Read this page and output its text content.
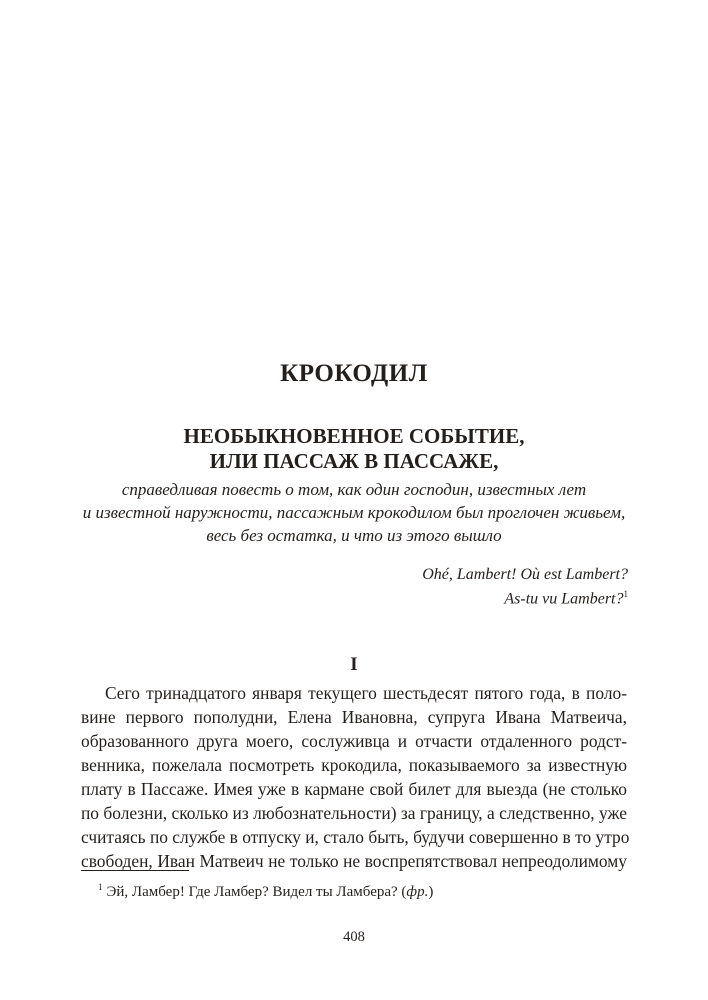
КРОКОДИЛ
НЕОБЫКНОВЕННОЕ СОБЫТИЕ,
ИЛИ ПАССАЖ В ПАССАЖЕ,

справедливая повесть о том, как один господин, известных лет

и известной наружности, пассажным крокодилом был проглочен живьем,

весь без остатка, и что из этого вышло

Ohé, Lambert! Où est Lambert?

As-tu vu Lambert?$^1$

I
Сего тринадцатого января текущего шестьдесят пятого года, в поло-
вине первого пополудни, Елена Ивановна, супруга Ивана Матвеича,
образованного друга моего, сослуживца и отчасти отдаленного родст-
венника, пожелала посмотреть крокодила, показываемого за известную
плату в Пассаже. Имея уже в кармане свой билет для выезда (не столько
по болезни, сколько из любознательности) за границу, а следственно, уже
считаясь по службе в отпуску и, стало быть, будучи совершенно в то утро
свободен, Иван Матвеич не только не воспрепятствовал непреодолимому

$^1$ Эй, Ламбер! Где Ламбер? Видел ты Ламбера? (фр.)

408
